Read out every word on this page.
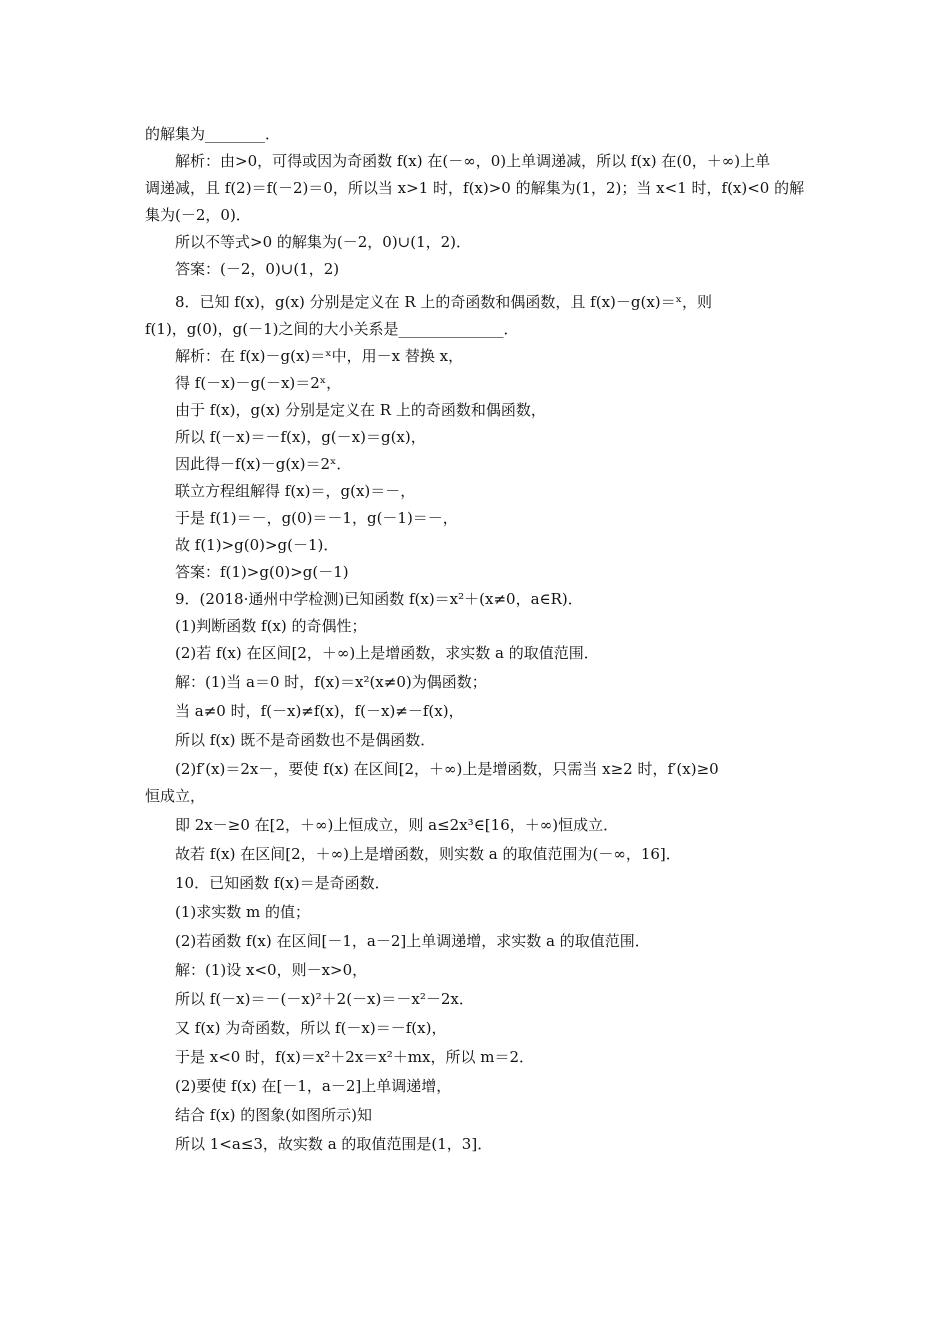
的解集为________．
解析：由>0，可得或因为奇函数 f(x) 在(－∞，0)上单调递减，所以 f(x) 在(0，＋∞)上单
调递减，且 f(2)＝f(－2)＝0，所以当 x>1 时，f(x)>0 的解集为(1，2)；当 x<1 时，f(x)<0 的解
集为(－2，0)．
所以不等式>0 的解集为(－2，0)∪(1，2)．
答案：(－2，0)∪(1，2)
8．已知 f(x)，g(x) 分别是定义在 R 上的奇函数和偶函数，且 f(x)－g(x)＝ˣ，则
f(1)，g(0)，g(－1)之间的大小关系是______________．
解析：在 f(x)－g(x)＝ˣ中，用－x 替换 x，
得 f(－x)－g(－x)＝2ˣ，
由于 f(x)，g(x) 分别是定义在 R 上的奇函数和偶函数，
所以 f(－x)＝－f(x)，g(－x)＝g(x)，
因此得－f(x)－g(x)＝2ˣ．
联立方程组解得 f(x)＝，g(x)＝－，
于是 f(1)＝－，g(0)＝－1，g(－1)＝－，
故 f(1)>g(0)>g(－1)．
答案：f(1)>g(0)>g(－1)
9．(2018·通州中学检测)已知函数 f(x)＝x²＋(x≠0，a∈R)．
(1)判断函数 f(x) 的奇偶性；
(2)若 f(x) 在区间[2，＋∞)上是增函数，求实数 a 的取值范围．
解：(1)当 a＝0 时，f(x)＝x²(x≠0)为偶函数；
当 a≠0 时，f(－x)≠f(x)，f(－x)≠－f(x)，
所以 f(x) 既不是奇函数也不是偶函数．
(2)f′(x)＝2x－，要使 f(x) 在区间[2，＋∞)上是增函数，只需当 x≥2 时，f′(x)≥0
恒成立，
即 2x－≥0 在[2，＋∞)上恒成立，则 a≤2x³∈[16，＋∞)恒成立．
故若 f(x) 在区间[2，＋∞)上是增函数，则实数 a 的取值范围为(－∞，16]．
10．已知函数 f(x)＝是奇函数．
(1)求实数 m 的值；
(2)若函数 f(x) 在区间[－1，a－2]上单调递增，求实数 a 的取值范围．
解：(1)设 x<0，则－x>0，
所以 f(－x)＝－(－x)²＋2(－x)＝－x²－2x．
又 f(x) 为奇函数，所以 f(－x)＝－f(x)，
于是 x<0 时，f(x)＝x²＋2x＝x²＋mx，所以 m＝2．
(2)要使 f(x) 在[－1，a－2]上单调递增，
结合 f(x) 的图象(如图所示)知
所以 1<a≤3，故实数 a 的取值范围是(1，3]．
